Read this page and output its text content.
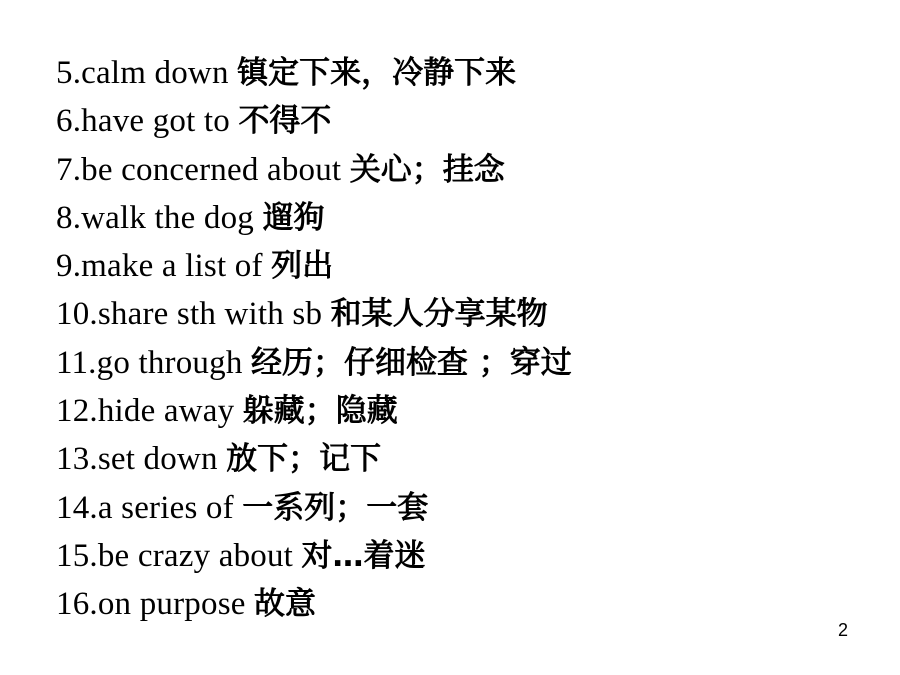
5.calm down 镇定下来，冷静下来
6.have got to 不得不
7.be concerned about 关心；挂念
8.walk the dog 遛狗
9.make a list of 列出
10.share sth with sb 和某人分享某物
11.go through 经历；仔细检查 ；穿过
12.hide away 躲藏；隐藏
13.set down 放下；记下
14.a series of 一系列；一套
15.be crazy about 对…着迷
16.on purpose 故意
2
